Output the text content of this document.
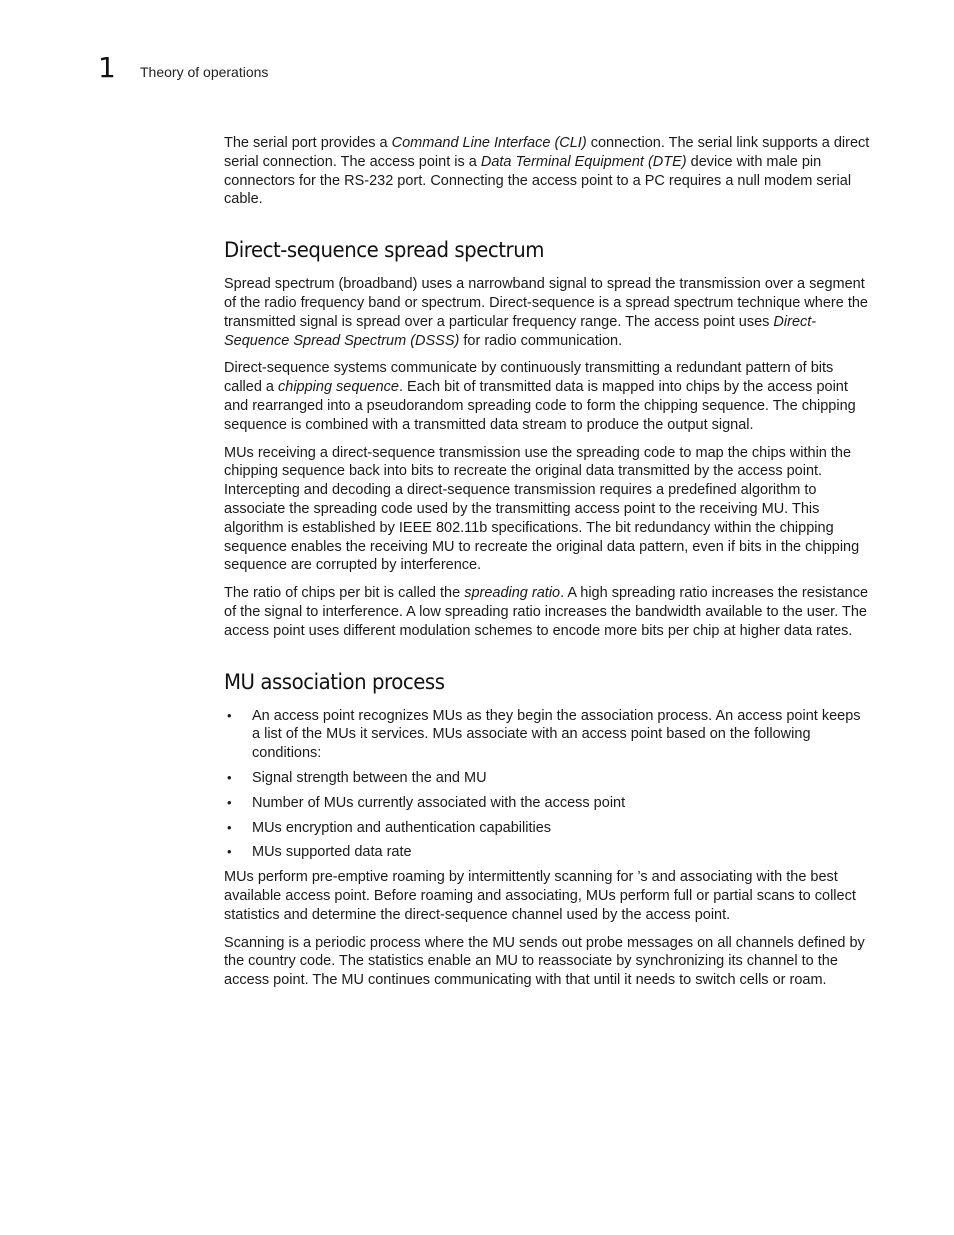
1	Theory of operations

The serial port provides a Command Line Interface (CLI) connection. The serial link supports a direct serial connection. The access point is a Data Terminal Equipment (DTE) device with male pin connectors for the RS-232 port. Connecting the access point to a PC requires a null modem serial cable.

Direct-sequence spread spectrum

Spread spectrum (broadband) uses a narrowband signal to spread the transmission over a segment of the radio frequency band or spectrum. Direct-sequence is a spread spectrum technique where the transmitted signal is spread over a particular frequency range. The access point uses Direct-Sequence Spread Spectrum (DSSS) for radio communication.

Direct-sequence systems communicate by continuously transmitting a redundant pattern of bits called a chipping sequence. Each bit of transmitted data is mapped into chips by the access point and rearranged into a pseudorandom spreading code to form the chipping sequence. The chipping sequence is combined with a transmitted data stream to produce the output signal.

MUs receiving a direct-sequence transmission use the spreading code to map the chips within the chipping sequence back into bits to recreate the original data transmitted by the access point. Intercepting and decoding a direct-sequence transmission requires a predefined algorithm to associate the spreading code used by the transmitting access point to the receiving MU. This algorithm is established by IEEE 802.11b specifications. The bit redundancy within the chipping sequence enables the receiving MU to recreate the original data pattern, even if bits in the chipping sequence are corrupted by interference.

The ratio of chips per bit is called the spreading ratio. A high spreading ratio increases the resistance of the signal to interference. A low spreading ratio increases the bandwidth available to the user. The access point uses different modulation schemes to encode more bits per chip at higher data rates.

MU association process
• An access point recognizes MUs as they begin the association process. An access point keeps a list of the MUs it services. MUs associate with an access point based on the following conditions:
• Signal strength between the and MU
• Number of MUs currently associated with the access point
• MUs encryption and authentication capabilities
• MUs supported data rate

MUs perform pre-emptive roaming by intermittently scanning for ’s and associating with the best available access point. Before roaming and associating, MUs perform full or partial scans to collect statistics and determine the direct-sequence channel used by the access point.

Scanning is a periodic process where the MU sends out probe messages on all channels defined by the country code. The statistics enable an MU to reassociate by synchronizing its channel to the access point. The MU continues communicating with that until it needs to switch cells or roam.
